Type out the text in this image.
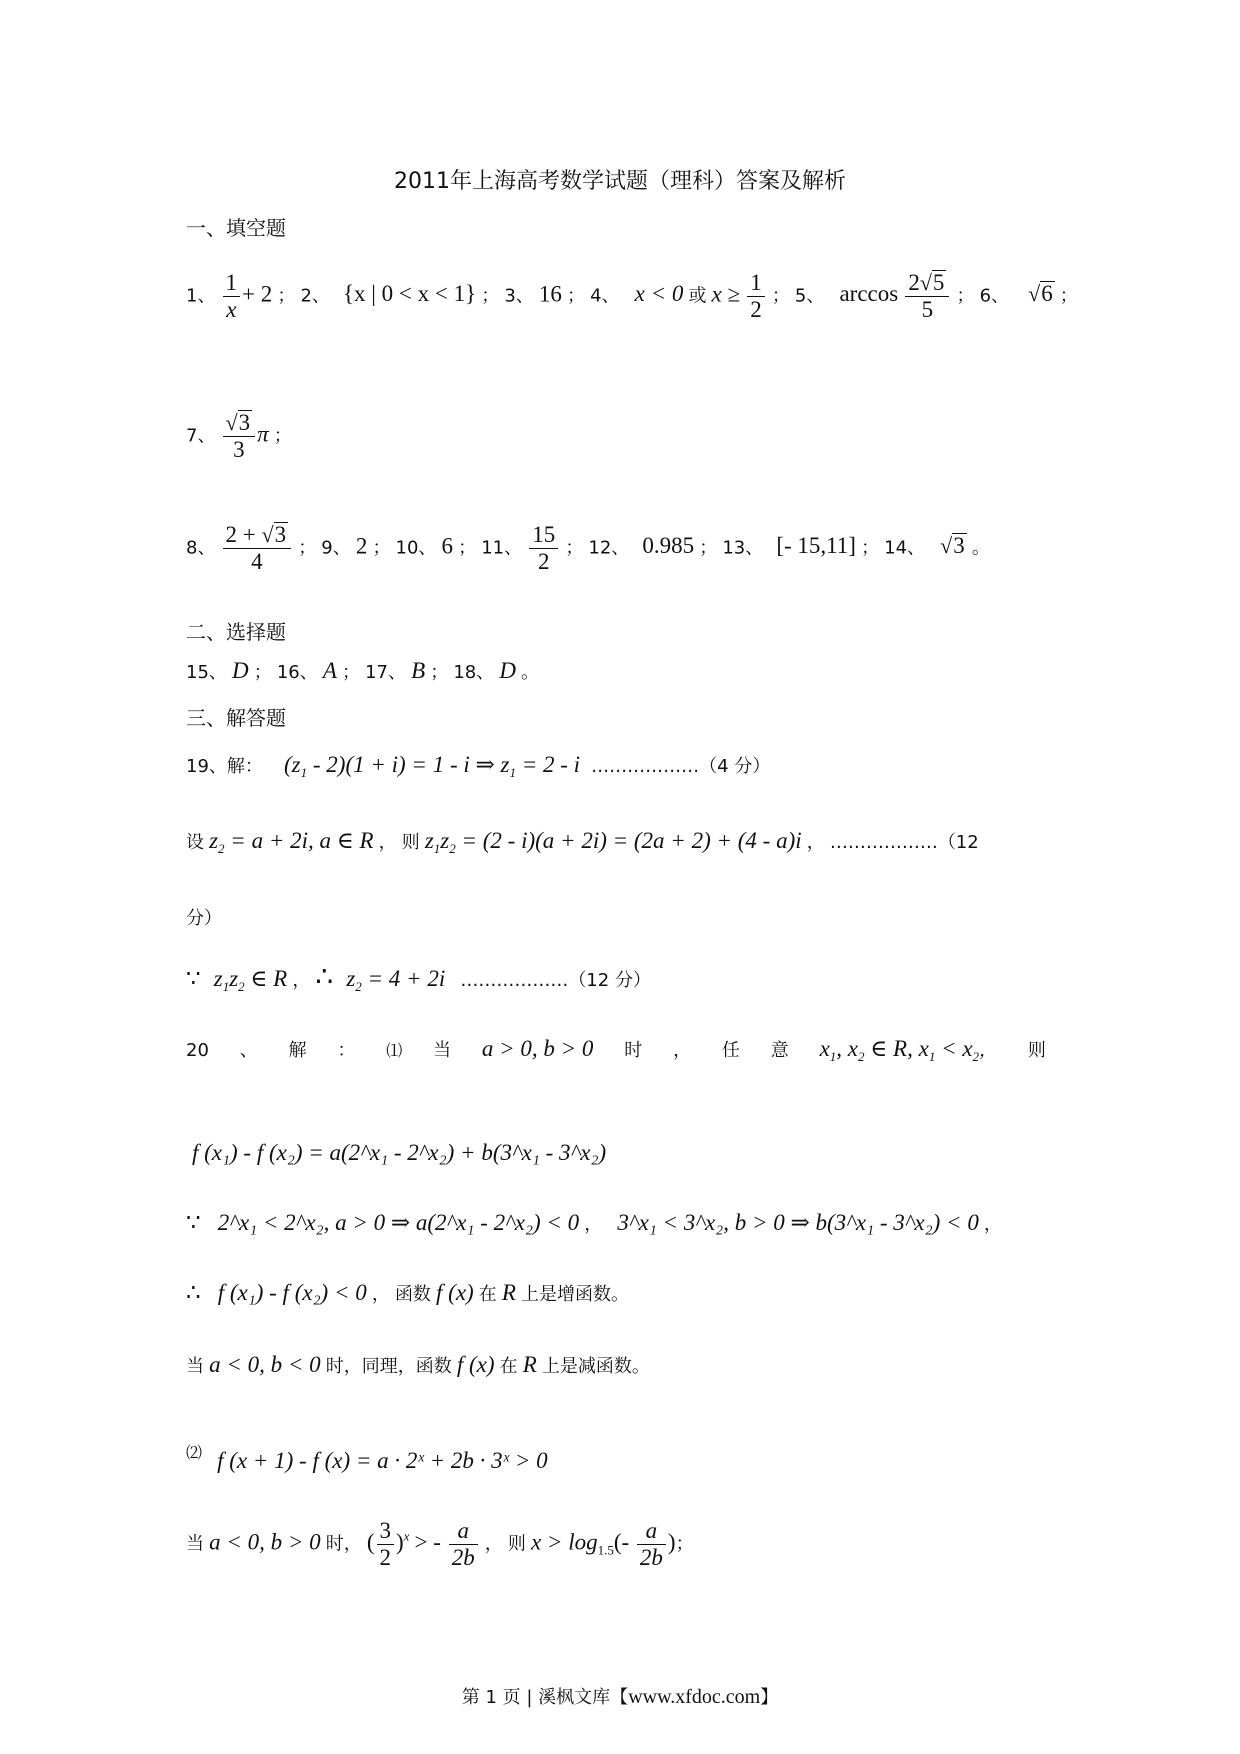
2011年上海高考数学试题（理科）答案及解析
一、填空题
1、 $\frac{1}{x} + 2$ ； 2、 {x | 0 < x < 1} ； 3、 16 ； 4、 x < 0 或 $x \ge \frac{1}{2}$ ； 5、 $\arccos \frac{2√5}{5}$ ； 6、 √6 ；
7、 $\frac{√3}{3}$ π ；
8、 $\frac{2 + √3}{4}$ ； 9、 2 ； 10、 6 ； 11、 $\frac{15}{2}$ ； 12、 0.985 ； 13、 [- 15,11] ； 14、 √3 。
二、选择题
15、 D ； 16、 A ； 17、 B ； 18、 D 。
三、解答题
19、解： $(z_1 - 2)(1 + i) = 1 - i$ ⇒ $z_1 = 2 - i$ ………………（4 分）
设 $z_2 = a + 2i$, a ∈ R ， 则 $z_1z_2 = (2 - i)(a + 2i) = (2a + 2) + (4 - a)i$ ， ………………（12
分）
∵ $z_1z_2$ ∈ R ， ∴ $z_2 = 4 + 2i$ ………………（12 分）
20 、 解 ： ⑴ 当 a > 0, b > 0 时 ， 任 意 $x_1$, $x_2$ ∈ R, $x_1 < x_2$， 则
f (x₁) - f (x₂) = a(2^x₁ - 2^x₂) + b(3^x₁ - 3^x₂)
∵ 2^x₁ < 2^x₂, a > 0 ⇒ a(2^x₁ - 2^x₂) < 0 ， 3^x₁ < 3^x₂, b > 0 ⇒ b(3^x₁ - 3^x₂) < 0 ，
∴ f (x₁) - f (x₂) < 0 ， 函数 f (x) 在 R 上是增函数。
当 a < 0, b < 0 时，同理，函数 f (x) 在 R 上是减函数。
⑵ f (x + 1) - f (x) = a · 2ˣ + 2b · 3ˣ > 0
当 a < 0, b > 0 时， ( $\frac{3}{2} )^x$ > - $\frac{a}{2b}$ ， 则 $x > \log_{1.5}(- \frac{a}{2b}$ )；
第 1 页 | 溪枫文库【www.xfdoc.com】
